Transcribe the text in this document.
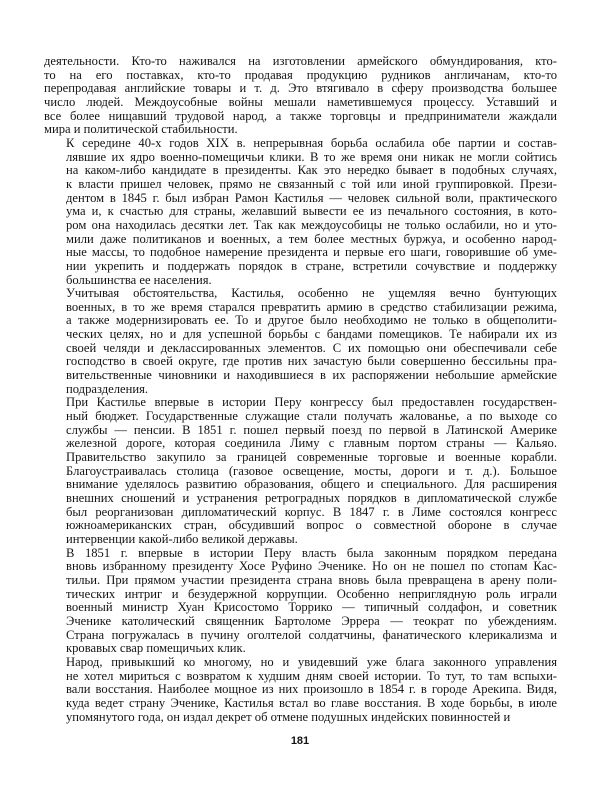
деятельности. Кто-то наживался на изготовлении армейского обмундирования, кто-
то на его поставках, кто-то продавая продукцию рудников англичанам, кто-то
перепродавая английские товары и т. д. Это втягивало в сферу производства большее
число людей. Междоусобные войны мешали наметившемуся процессу. Уставший и
все более нищавший трудовой народ, а также торговцы и предприниматели жаждали
мира и политической стабильности.
К середине 40-х годов XIX в. непрерывная борьба ослабила обе партии и состав-
лявшие их ядро военно-помещичьи клики. В то же время они никак не могли сойтись
на каком-либо кандидате в президенты. Как это нередко бывает в подобных случаях,
к власти пришел человек, прямо не связанный с той или иной группировкой. Прези-
дентом в 1845 г. был избран Рамон Кастилья — человек сильной воли, практического
ума и, к счастью для страны, желавший вывести ее из печального состояния, в кото-
ром она находилась десятки лет. Так как междоусобицы не только ослабили, но и уто-
мили даже политиканов и военных, а тем более местных буржуа, и особенно народ-
ные массы, то подобное намерение президента и первые его шаги, говорившие об уме-
нии укрепить и поддержать порядок в стране, встретили сочувствие и поддержку
большинства ее населения.
Учитывая обстоятельства, Кастилья, особенно не ущемляя вечно бунтующих
военных, в то же время старался превратить армию в средство стабилизации режима,
а также модернизировать ее. То и другое было необходимо не только в общеполити-
ческих целях, но и для успешной борьбы с бандами помещиков. Те набирали их из
своей челяди и деклассированных элементов. С их помощью они обеспечивали себе
господство в своей округе, где против них зачастую были совершенно бессильны пра-
вительственные чиновники и находившиеся в их распоряжении небольшие армейские
подразделения.
При Кастилье впервые в истории Перу конгрессу был предоставлен государствен-
ный бюджет. Государственные служащие стали получать жалованье, а по выходе со
службы — пенсии. В 1851 г. пошел первый поезд по первой в Латинской Америке
железной дороге, которая соединила Лиму с главным портом страны — Кальяо.
Правительство закупило за границей современные торговые и военные корабли.
Благоустраивалась столица (газовое освещение, мосты, дороги и т. д.). Большое
внимание уделялось развитию образования, общего и специального. Для расширения
внешних сношений и устранения ретроградных порядков в дипломатической службе
был реорганизован дипломатический корпус. В 1847 г. в Лиме состоялся конгресс
южноамериканских стран, обсудивший вопрос о совместной обороне в случае
интервенции какой-либо великой державы.
В 1851 г. впервые в истории Перу власть была законным порядком передана
вновь избранному президенту Хосе Руфино Эченике. Но он не пошел по стопам Кас-
тильи. При прямом участии президента страна вновь была превращена в арену поли-
тических интриг и безудержной коррупции. Особенно неприглядную роль играли
военный министр Хуан Крисостомо Торрико — типичный солдафон, и советник
Эченике католический священник Бартоломе Эррера — теократ по убеждениям.
Страна погружалась в пучину оголтелой солдатчины, фанатического клерикализма и
кровавых свар помещичьих клик.
Народ, привыкший ко многому, но и увидевший уже блага законного управления
не хотел мириться с возвратом к худшим дням своей истории. То тут, то там вспыхи-
вали восстания. Наиболее мощное из них произошло в 1854 г. в городе Арекипа. Видя,
куда ведет страну Эченике, Кастилья встал во главе восстания. В ходе борьбы, в июле
упомянутого года, он издал декрет об отмене подушных индейских повинностей и
181
